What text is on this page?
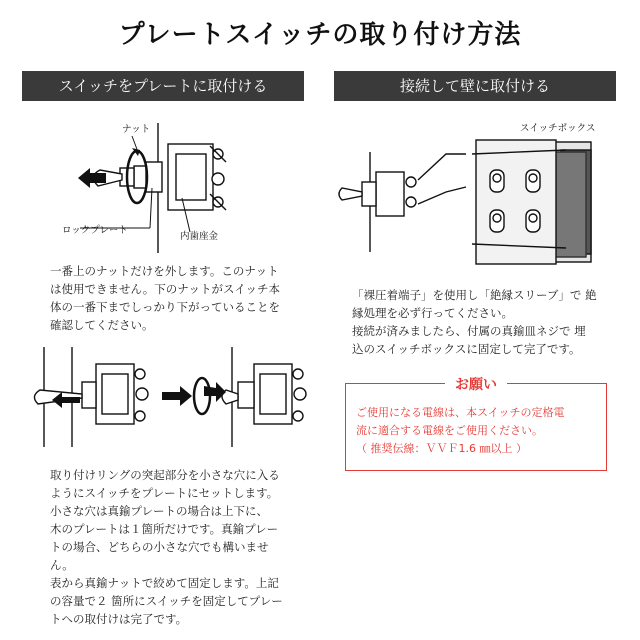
プレートスイッチの取り付け方法
スイッチをプレートに取付ける	接続して壁に取付ける
ナット
ロックプレート
内歯座金
一番上のナットだけを外します。このナット
は使用できません。下のナットがスイッチ本
体の一番下までしっかり下がっていることを
確認してください。
取り付けリングの突起部分を小さな穴に入る
ようにスイッチをプレートにセットします。
小さな穴は真鍮プレートの場合は上下に、
木のプレートは１箇所だけです。真鍮プレー
トの場合、どちらの小さな穴でも構いませ
ん。
表から真鍮ナットで絞めて固定します。上記
の容量で２ 箇所にスイッチを固定してプレー
トへの取付けは完了です。
スイッチボックス
「裸圧着端子」を使用し「絶縁スリーブ」で 絶
縁処理を必ず行ってください。
接続が済みましたら、付属の真鍮皿ネジで 埋
込のスイッチボックスに固定して完了です。
お願い
ご使用になる電線は、本スイッチの定格電
流に適合する電線をご使用ください。
（ 推奨伝線：ＶＶＦ1.6 ㎜以上 ）
